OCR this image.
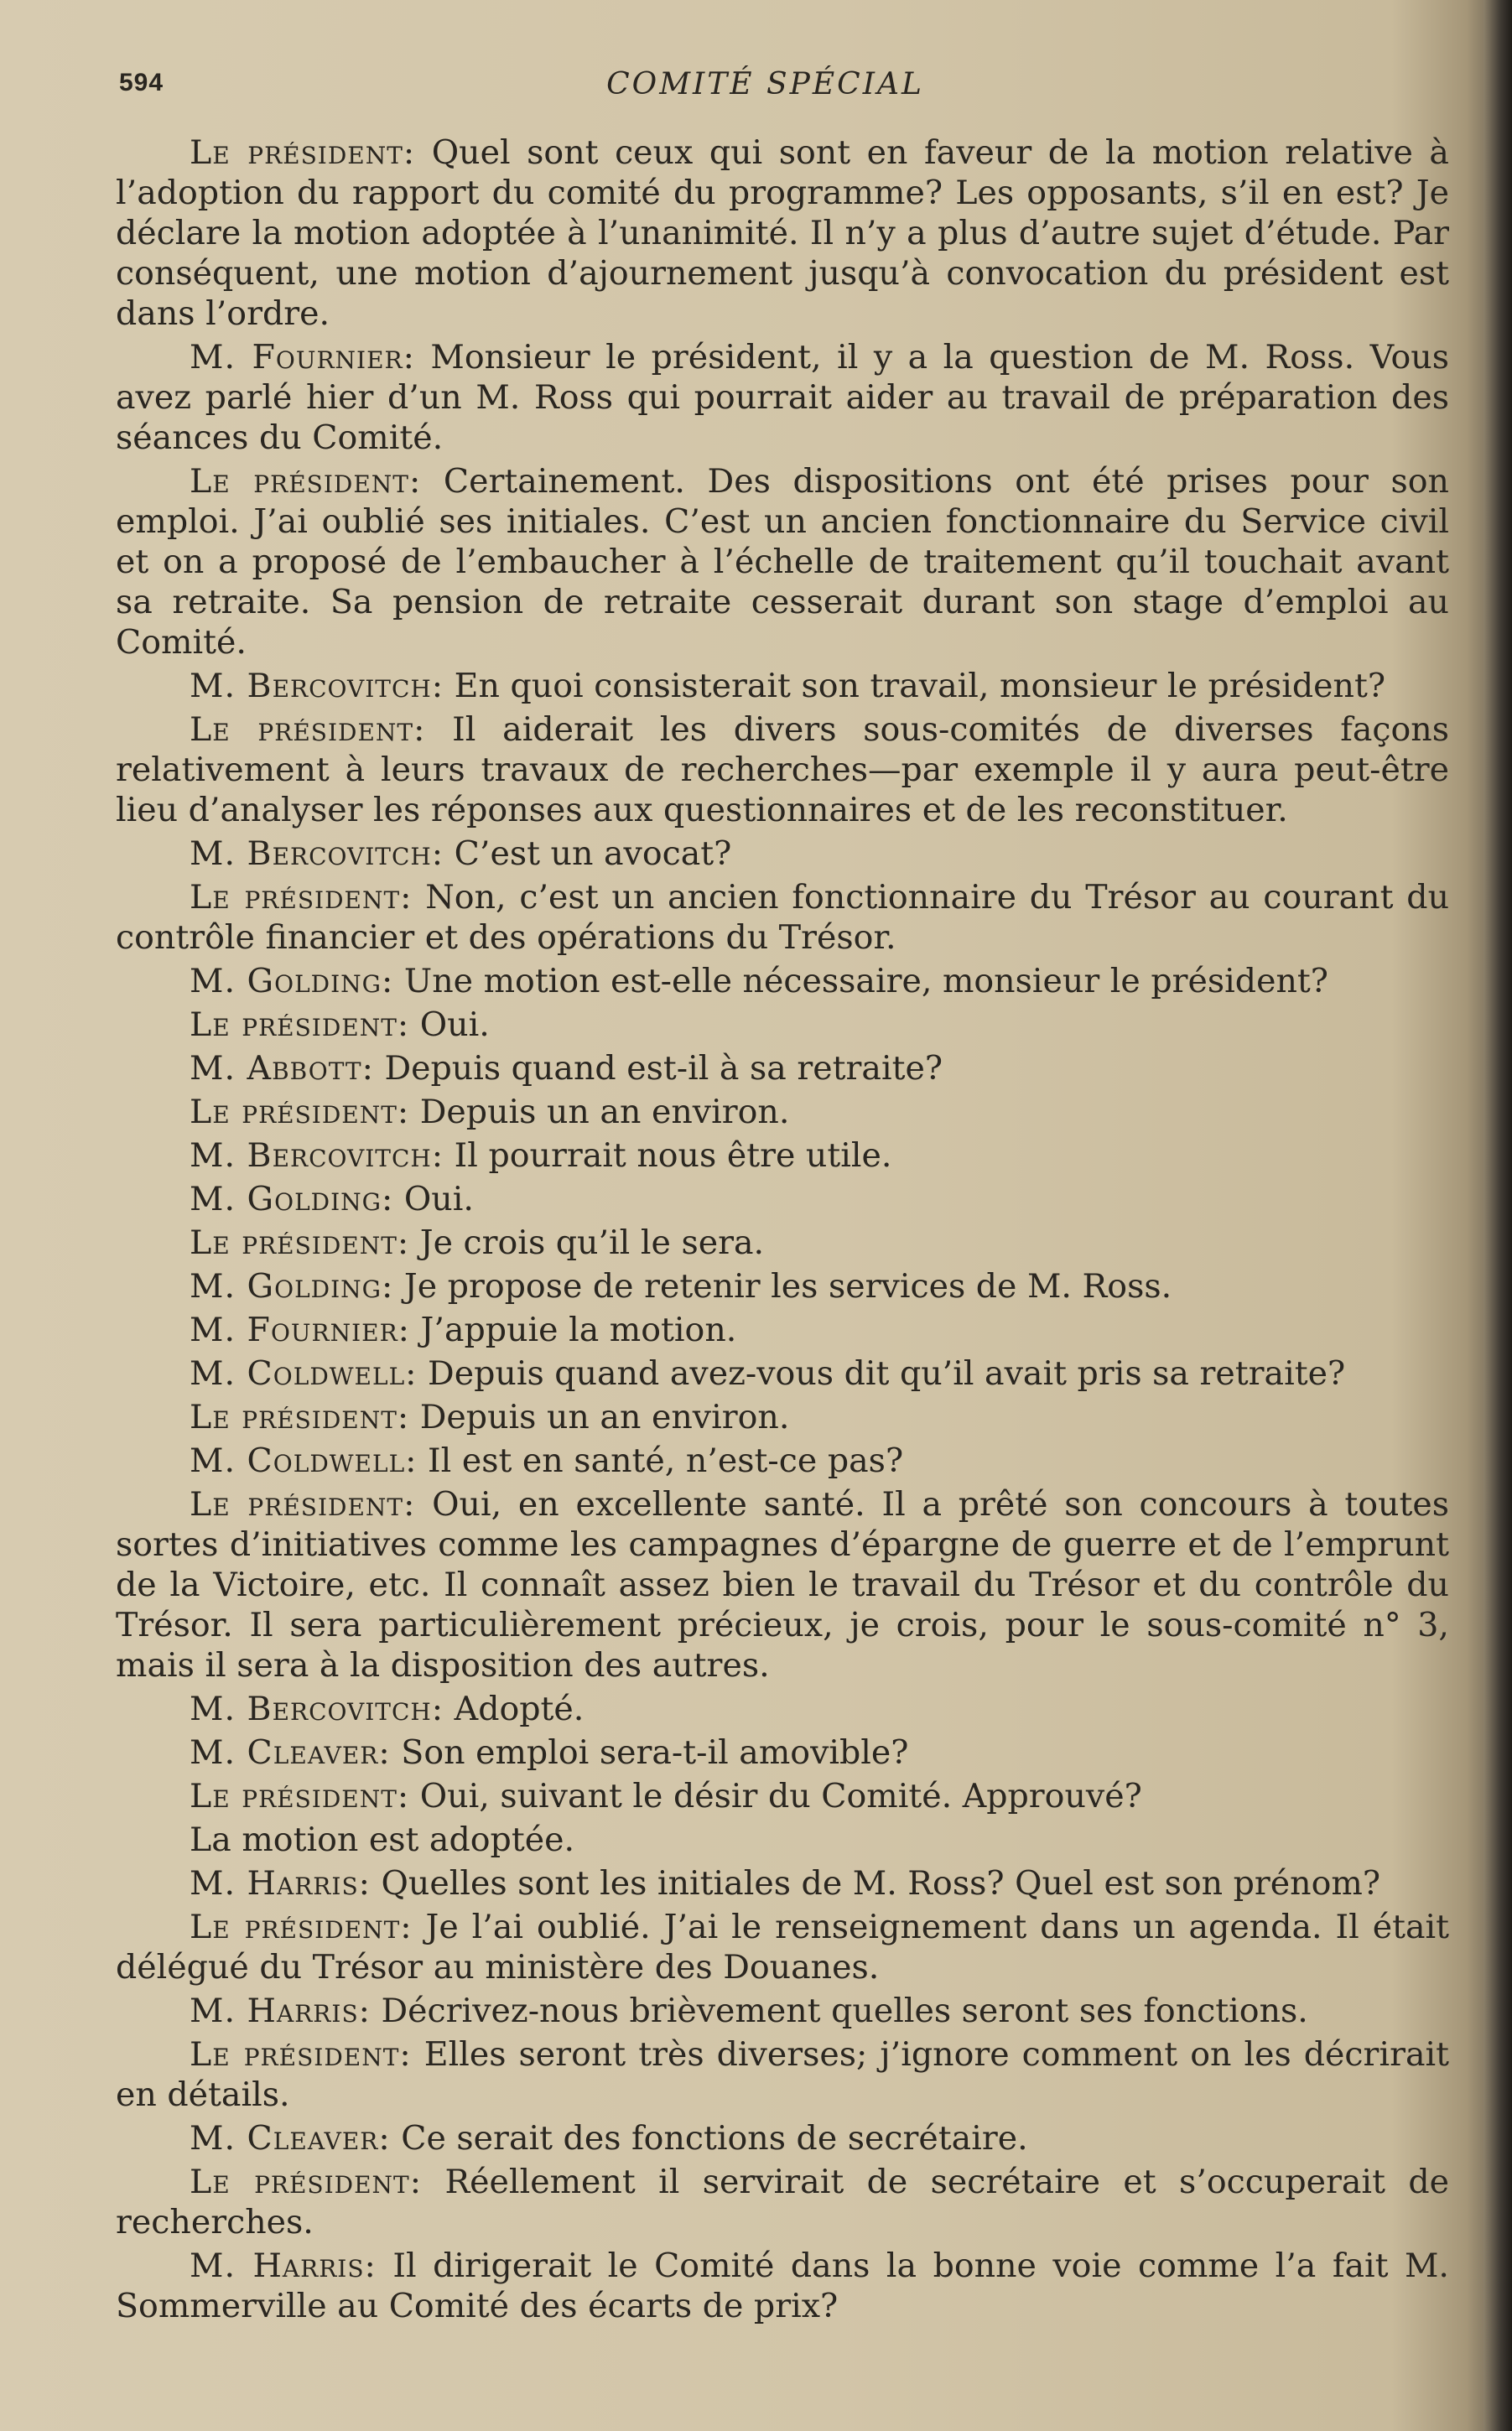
594	COMITÉ SPÉCIAL

Le président: Quel sont ceux qui sont en faveur de la motion relative à l’adoption du rapport du comité du programme? Les opposants, s’il en est? Je déclare la motion adoptée à l’unanimité. Il n’y a plus d’autre sujet d’étude. Par conséquent, une motion d’ajournement jusqu’à convocation du président est dans l’ordre.

M. Fournier: Monsieur le président, il y a la question de M. Ross. Vous avez parlé hier d’un M. Ross qui pourrait aider au travail de préparation des séances du Comité.

Le président: Certainement. Des dispositions ont été prises pour son emploi. J’ai oublié ses initiales. C’est un ancien fonctionnaire du Service civil et on a proposé de l’embaucher à l’échelle de traitement qu’il touchait avant sa retraite. Sa pension de retraite cesserait durant son stage d’emploi au Comité.

M. Bercovitch: En quoi consisterait son travail, monsieur le président?

Le président: Il aiderait les divers sous-comités de diverses façons relativement à leurs travaux de recherches—par exemple il y aura peut-être lieu d’analyser les réponses aux questionnaires et de les reconstituer.

M. Bercovitch: C’est un avocat?

Le président: Non, c’est un ancien fonctionnaire du Trésor au courant du contrôle financier et des opérations du Trésor.

M. Golding: Une motion est-elle nécessaire, monsieur le président?

Le président: Oui.

M. Abbott: Depuis quand est-il à sa retraite?

Le président: Depuis un an environ.

M. Bercovitch: Il pourrait nous être utile.

M. Golding: Oui.

Le président: Je crois qu’il le sera.

M. Golding: Je propose de retenir les services de M. Ross.

M. Fournier: J’appuie la motion.

M. Coldwell: Depuis quand avez-vous dit qu’il avait pris sa retraite?

Le président: Depuis un an environ.

M. Coldwell: Il est en santé, n’est-ce pas?

Le président: Oui, en excellente santé. Il a prêté son concours à toutes sortes d’initiatives comme les campagnes d’épargne de guerre et de l’emprunt de la Victoire, etc. Il connaît assez bien le travail du Trésor et du contrôle du Trésor. Il sera particulièrement précieux, je crois, pour le sous-comité n° 3, mais il sera à la disposition des autres.

M. Bercovitch: Adopté.

M. Cleaver: Son emploi sera-t-il amovible?

Le président: Oui, suivant le désir du Comité. Approuvé?

La motion est adoptée.

M. Harris: Quelles sont les initiales de M. Ross? Quel est son prénom?

Le président: Je l’ai oublié. J’ai le renseignement dans un agenda. Il était délégué du Trésor au ministère des Douanes.

M. Harris: Décrivez-nous brièvement quelles seront ses fonctions.

Le président: Elles seront très diverses; j’ignore comment on les décrirait en détails.

M. Cleaver: Ce serait des fonctions de secrétaire.

Le président: Réellement il servirait de secrétaire et s’occuperait de recherches.

M. Harris: Il dirigerait le Comité dans la bonne voie comme l’a fait M. Sommerville au Comité des écarts de prix?
